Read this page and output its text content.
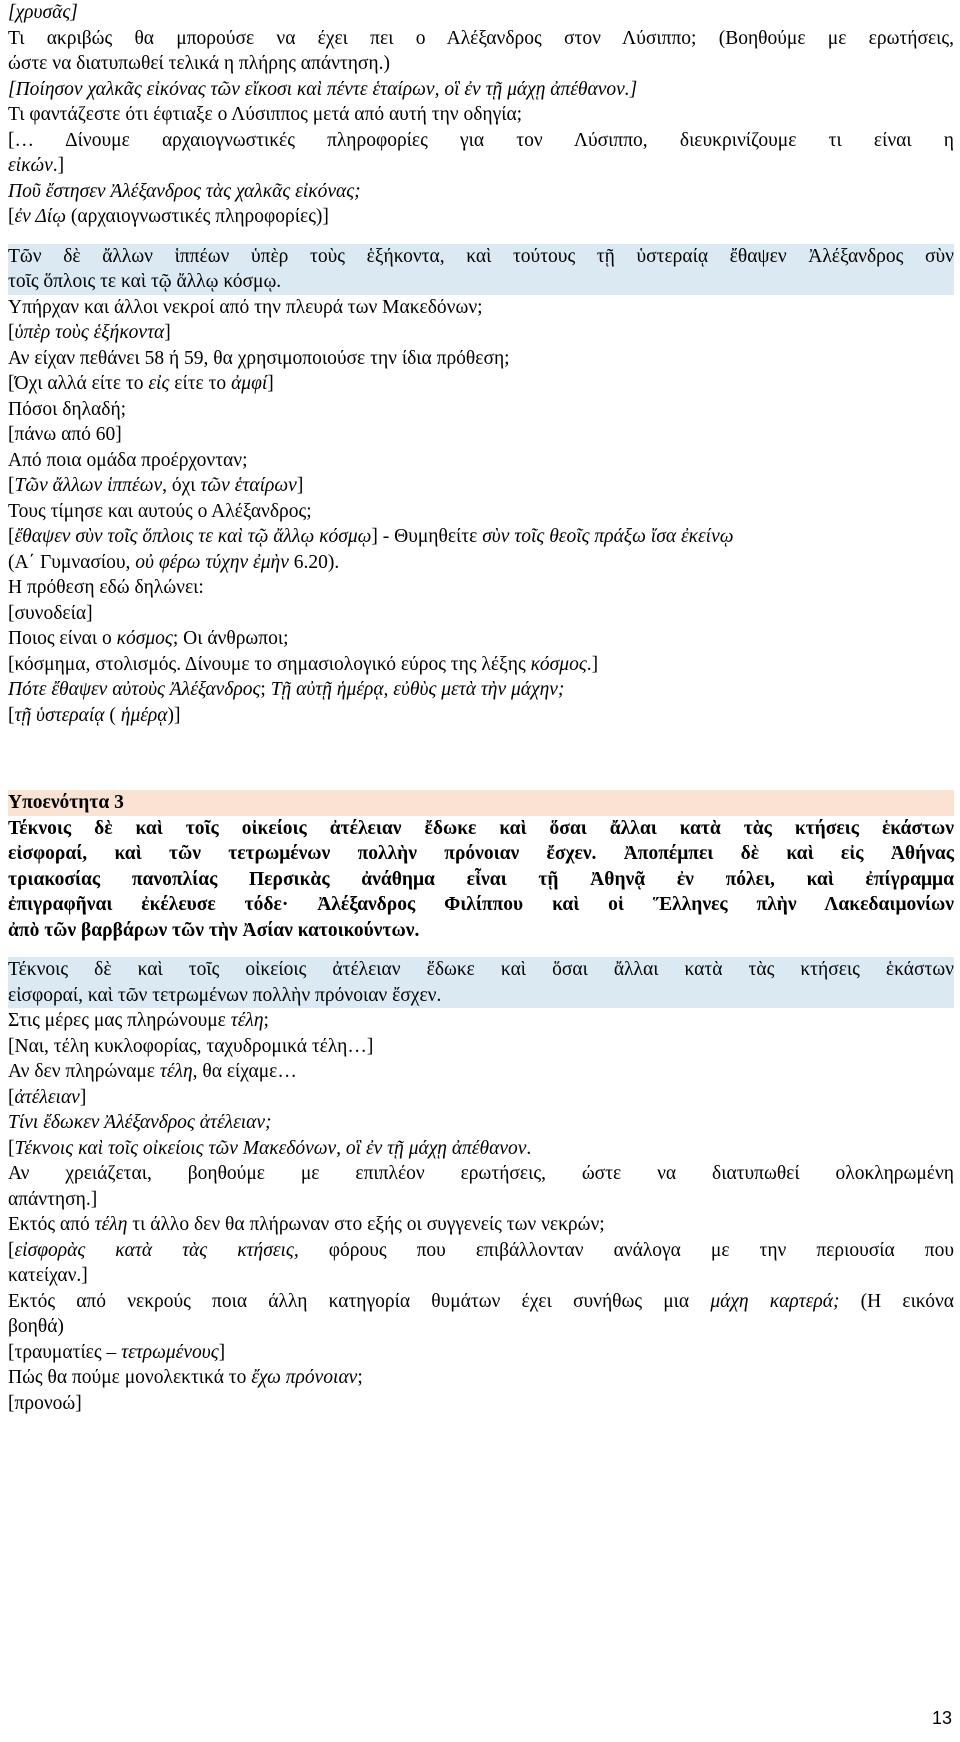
[χρυσᾶς]
Τι ακριβώς θα μπορούσε να έχει πει ο Αλέξανδρος στον Λύσιππο; (Βοηθούμε με ερωτήσεις,
ώστε να διατυπωθεί τελικά η πλήρης απάντηση.)
[Ποίησον χαλκᾶς εἰκόνας τῶν εἴκοσι καὶ πέντε ἑταίρων, οἳ ἐν τῇ μάχῃ ἀπέθανον.]
Τι φαντάζεστε ότι έφτιαξε ο Λύσιππος μετά από αυτή την οδηγία;
[… Δίνουμε αρχαιογνωστικές πληροφορίες για τον Λύσιππο, διευκρινίζουμε τι είναι η
εἰκών.]
Ποῦ ἔστησεν Ἀλέξανδρος τὰς χαλκᾶς εἰκόνας;
[ἐν Δίῳ (αρχαιογνωστικές πληροφορίες)]
Τῶν δὲ ἄλλων ἱππέων ὑπὲρ τοὺς ἑξήκοντα, καὶ τούτους τῇ ὑστεραίᾳ ἔθαψεν Ἀλέξανδρος σὺν
τοῖς ὅπλοις τε καὶ τῷ ἄλλῳ κόσμῳ.
Υπήρχαν και άλλοι νεκροί από την πλευρά των Μακεδόνων;
[ὑπὲρ τοὺς ἑξήκοντα]
Αν είχαν πεθάνει 58 ή 59, θα χρησιμοποιούσε την ίδια πρόθεση;
[Όχι αλλά είτε το εἰς είτε το ἀμφί]
Πόσοι δηλαδή;
[πάνω από 60]
Από ποια ομάδα προέρχονταν;
[Τῶν ἄλλων ἱππέων, όχι τῶν ἑταίρων]
Τους τίμησε και αυτούς ο Αλέξανδρος;
[ἔθαψεν σὺν τοῖς ὅπλοις τε καὶ τῷ ἄλλῳ κόσμῳ] - Θυμηθείτε σὺν τοῖς θεοῖς πράξω ἴσα ἐκείνῳ
(Α΄ Γυμνασίου, οὐ φέρω τύχην ἐμὴν 6.20).
Η πρόθεση εδώ δηλώνει:
[συνοδεία]
Ποιος είναι ο κόσμος; Οι άνθρωποι;
[κόσμημα, στολισμός. Δίνουμε το σημασιολογικό εύρος της λέξης κόσμος.]
Πότε ἔθαψεν αὐτοὺς Ἀλέξανδρος; Τῇ αὐτῇ ἡμέρᾳ, εὐθὺς μετὰ τὴν μάχην;
[τῇ ὑστεραίᾳ ( ἡμέρᾳ)]
Υποενότητα 3
Τέκνοις δὲ καὶ τοῖς οἰκείοις ἀτέλειαν ἔδωκε καὶ ὅσαι ἄλλαι κατὰ τὰς κτήσεις ἑκάστων
εἰσφοραί, καὶ τῶν τετρωμένων πολλὴν πρόνοιαν ἔσχεν. Ἀποπέμπει δὲ καὶ εἰς Ἀθήνας
τριακοσίας πανοπλίας Περσικὰς ἀνάθημα εἶναι τῇ Ἀθηνᾷ ἐν πόλει, καὶ ἐπίγραμμα
ἐπιγραφῆναι ἐκέλευσε τόδε· Ἀλέξανδρος Φιλίππου καὶ οἱ Ἕλληνες πλὴν Λακεδαιμονίων
ἀπὸ τῶν βαρβάρων τῶν τὴν Ἀσίαν κατοικούντων.
Τέκνοις δὲ καὶ τοῖς οἰκείοις ἀτέλειαν ἔδωκε καὶ ὅσαι ἄλλαι κατὰ τὰς κτήσεις ἑκάστων
εἰσφοραί, καὶ τῶν τετρωμένων πολλὴν πρόνοιαν ἔσχεν.
Στις μέρες μας πληρώνουμε τέλη;
[Ναι, τέλη κυκλοφορίας, ταχυδρομικά τέλη…]
Αν δεν πληρώναμε τέλη, θα είχαμε…
[ἀτέλειαν]
Τίνι ἔδωκεν Ἀλέξανδρος ἀτέλειαν;
[Τέκνοις καὶ τοῖς οἰκείοις τῶν Μακεδόνων, οἳ ἐν τῇ μάχῃ ἀπέθανον.
Αν χρειάζεται, βοηθούμε με επιπλέον ερωτήσεις, ώστε να διατυπωθεί ολοκληρωμένη
απάντηση.]
Εκτός από τέλη τι άλλο δεν θα πλήρωναν στο εξής οι συγγενείς των νεκρών;
[εἰσφορὰς κατὰ τὰς κτήσεις, φόρους που επιβάλλονταν ανάλογα με την περιουσία που
κατείχαν.]
Εκτός από νεκρούς ποια άλλη κατηγορία θυμάτων έχει συνήθως μια μάχη καρτερά; (Η εικόνα
βοηθά)
[τραυματίες – τετρωμένους]
Πώς θα πούμε μονολεκτικά το ἔχω πρόνοιαν;
[προνοώ]
13
